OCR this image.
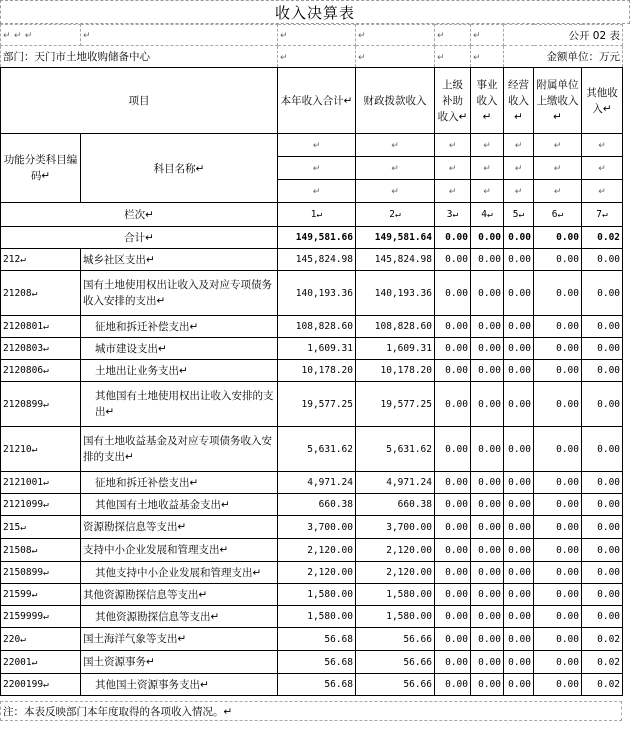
收入决算表
↵ ↵ ↵	↵	↵	↵	↵	↵	公开 02 表		
部门：天门市土地收购储备中心		↵	↵	↵	↵	金额单位：万元		
项目		本年收入合计↵	财政拨款收入	上级补助收入↵	事业收入↵	经营收入↵	附属单位上缴收入↵	其他收入↵
功能分类科目编码↵	科目名称↵	↵	↵	↵	↵	↵	↵	↵
		↵	↵	↵	↵	↵	↵	↵
		↵	↵	↵	↵	↵	↵	↵
栏次↵		1↵	2↵	3↵	4↵	5↵	6↵	7↵
合计↵		149,581.66	149,581.64	0.00	0.00	0.00	0.00	0.02
212↵	城乡社区支出↵	145,824.98	145,824.98	0.00	0.00	0.00	0.00	0.00
21208↵	国有土地使用权出让收入及对应专项债务收入安排的支出↵	140,193.36	140,193.36	0.00	0.00	0.00	0.00	0.00
2120801↵	征地和拆迁补偿支出↵	108,828.60	108,828.60	0.00	0.00	0.00	0.00	0.00
2120803↵	城市建设支出↵	1,609.31	1,609.31	0.00	0.00	0.00	0.00	0.00
2120806↵	土地出让业务支出↵	10,178.20	10,178.20	0.00	0.00	0.00	0.00	0.00
2120899↵	其他国有土地使用权出让收入安排的支出↵	19,577.25	19,577.25	0.00	0.00	0.00	0.00	0.00
21210↵	国有土地收益基金及对应专项债务收入安排的支出↵	5,631.62	5,631.62	0.00	0.00	0.00	0.00	0.00
2121001↵	征地和拆迁补偿支出↵	4,971.24	4,971.24	0.00	0.00	0.00	0.00	0.00
2121099↵	其他国有土地收益基金支出↵	660.38	660.38	0.00	0.00	0.00	0.00	0.00
215↵	资源勘探信息等支出↵	3,700.00	3,700.00	0.00	0.00	0.00	0.00	0.00
21508↵	支持中小企业发展和管理支出↵	2,120.00	2,120.00	0.00	0.00	0.00	0.00	0.00
2150899↵	其他支持中小企业发展和管理支出↵	2,120.00	2,120.00	0.00	0.00	0.00	0.00	0.00
21599↵	其他资源勘探信息等支出↵	1,580.00	1,580.00	0.00	0.00	0.00	0.00	0.00
2159999↵	其他资源勘探信息等支出↵	1,580.00	1,580.00	0.00	0.00	0.00	0.00	0.00
220↵	国土海洋气象等支出↵	56.68	56.66	0.00	0.00	0.00	0.00	0.02
22001↵	国土资源事务↵	56.68	56.66	0.00	0.00	0.00	0.00	0.02
2200199↵	其他国土资源事务支出↵	56.68	56.66	0.00	0.00	0.00	0.00	0.02
注：本表反映部门本年度取得的各项收入情况。↵
